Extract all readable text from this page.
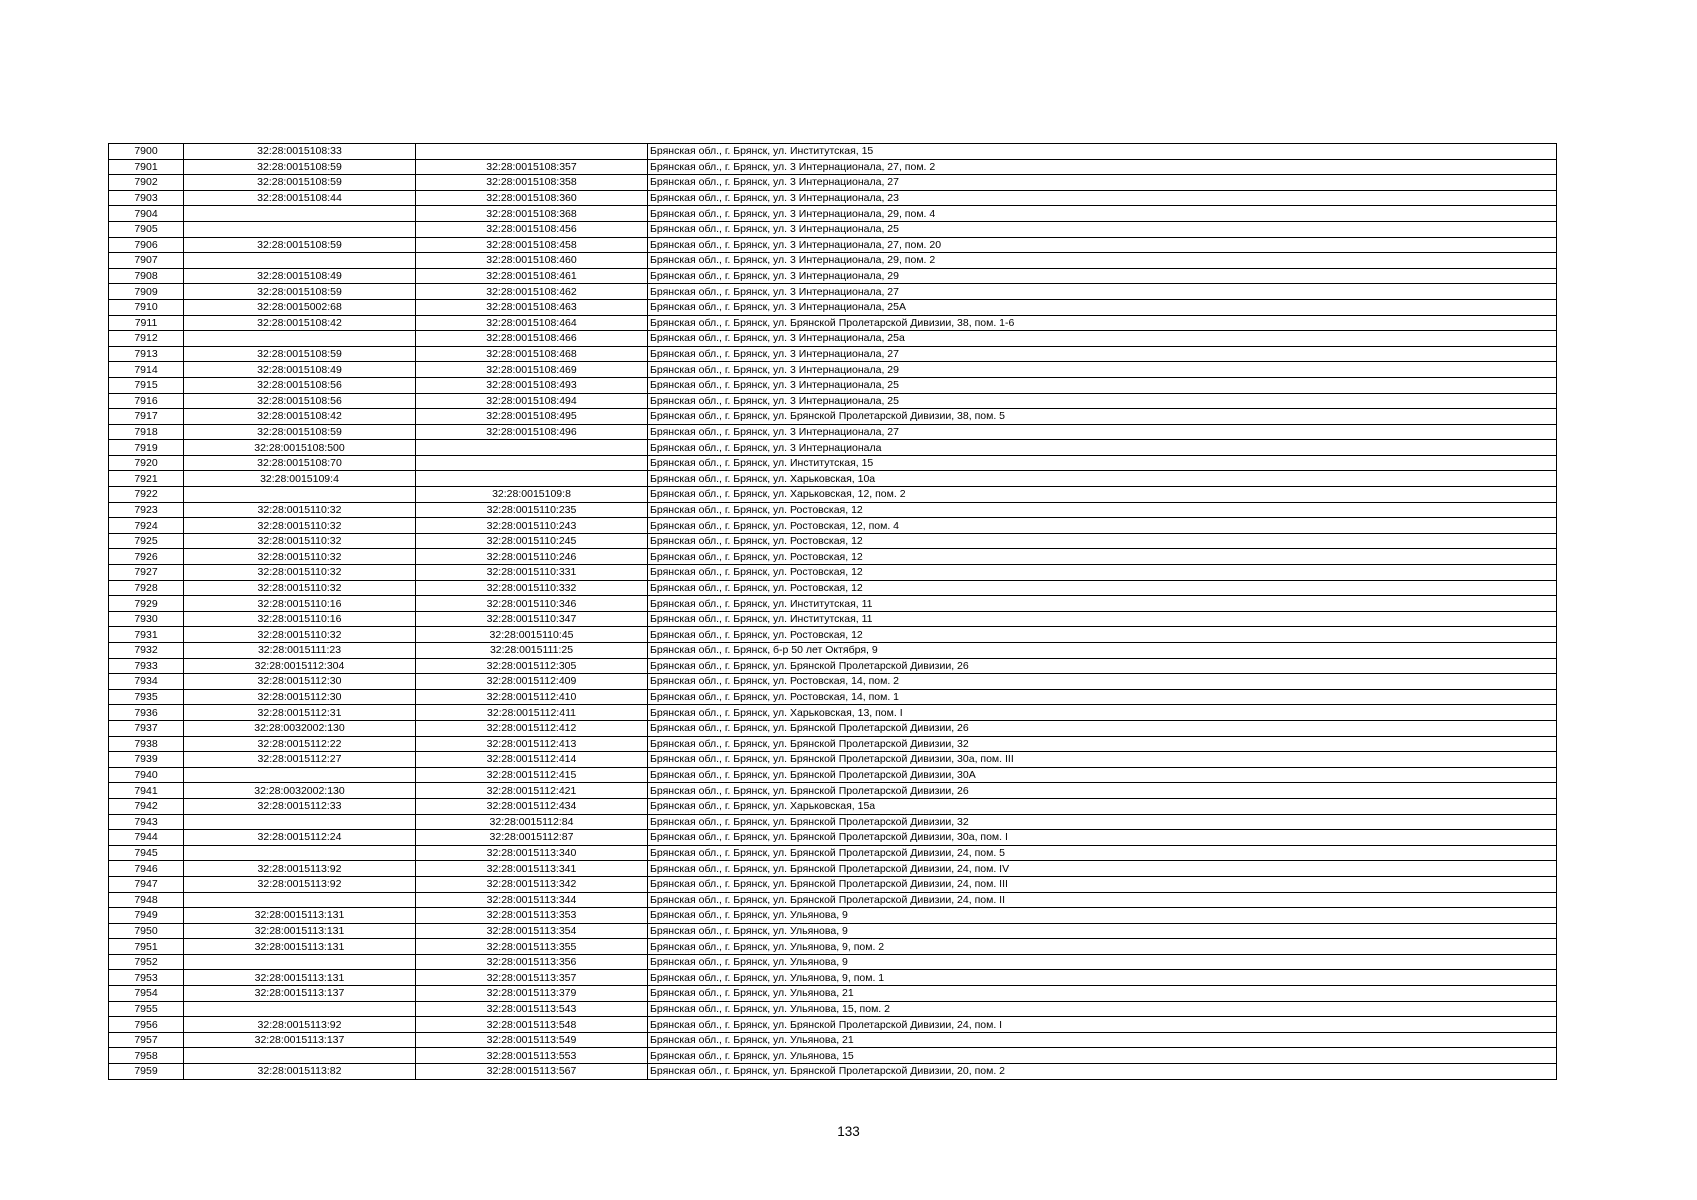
7900	32:28:0015108:33		Брянская обл., г. Брянск, ул. Институтская, 15
7901	32:28:0015108:59	32:28:0015108:357	Брянская обл., г. Брянск, ул. 3 Интернационала, 27, пом. 2
7902	32:28:0015108:59	32:28:0015108:358	Брянская обл., г. Брянск, ул. 3 Интернационала, 27
7903	32:28:0015108:44	32:28:0015108:360	Брянская обл., г. Брянск, ул. 3 Интернационала, 23
7904		32:28:0015108:368	Брянская обл., г. Брянск, ул. 3 Интернационала, 29, пом. 4
7905		32:28:0015108:456	Брянская обл., г. Брянск, ул. 3 Интернационала, 25
7906	32:28:0015108:59	32:28:0015108:458	Брянская обл., г. Брянск, ул. 3 Интернационала, 27, пом. 20
7907		32:28:0015108:460	Брянская обл., г. Брянск, ул. 3 Интернационала, 29, пом. 2
7908	32:28:0015108:49	32:28:0015108:461	Брянская обл., г. Брянск, ул. 3 Интернационала, 29
7909	32:28:0015108:59	32:28:0015108:462	Брянская обл., г. Брянск, ул. 3 Интернационала, 27
7910	32:28:0015002:68	32:28:0015108:463	Брянская обл., г. Брянск, ул. 3 Интернационала, 25А
7911	32:28:0015108:42	32:28:0015108:464	Брянская обл., г. Брянск, ул. Брянской Пролетарской Дивизии, 38, пом. 1-6
7912		32:28:0015108:466	Брянская обл., г. Брянск, ул. 3 Интернационала, 25а
7913	32:28:0015108:59	32:28:0015108:468	Брянская обл., г. Брянск, ул. 3 Интернационала, 27
7914	32:28:0015108:49	32:28:0015108:469	Брянская обл., г. Брянск, ул. 3 Интернационала, 29
7915	32:28:0015108:56	32:28:0015108:493	Брянская обл., г. Брянск, ул. 3 Интернационала, 25
7916	32:28:0015108:56	32:28:0015108:494	Брянская обл., г. Брянск, ул. 3 Интернационала, 25
7917	32:28:0015108:42	32:28:0015108:495	Брянская обл., г. Брянск, ул. Брянской Пролетарской Дивизии, 38, пом. 5
7918	32:28:0015108:59	32:28:0015108:496	Брянская обл., г. Брянск, ул. 3 Интернационала, 27
7919	32:28:0015108:500		Брянская обл., г. Брянск, ул. 3 Интернационала
7920	32:28:0015108:70		Брянская обл., г. Брянск, ул. Институтская, 15
7921	32:28:0015109:4		Брянская обл., г. Брянск, ул. Харьковская, 10а
7922		32:28:0015109:8	Брянская обл., г. Брянск, ул. Харьковская, 12, пом. 2
7923	32:28:0015110:32	32:28:0015110:235	Брянская обл., г. Брянск, ул. Ростовская, 12
7924	32:28:0015110:32	32:28:0015110:243	Брянская обл., г. Брянск, ул. Ростовская, 12, пом. 4
7925	32:28:0015110:32	32:28:0015110:245	Брянская обл., г. Брянск, ул. Ростовская, 12
7926	32:28:0015110:32	32:28:0015110:246	Брянская обл., г. Брянск, ул. Ростовская, 12
7927	32:28:0015110:32	32:28:0015110:331	Брянская обл., г. Брянск, ул. Ростовская, 12
7928	32:28:0015110:32	32:28:0015110:332	Брянская обл., г. Брянск, ул. Ростовская, 12
7929	32:28:0015110:16	32:28:0015110:346	Брянская обл., г. Брянск, ул. Институтская, 11
7930	32:28:0015110:16	32:28:0015110:347	Брянская обл., г. Брянск, ул. Институтская, 11
7931	32:28:0015110:32	32:28:0015110:45	Брянская обл., г. Брянск, ул. Ростовская, 12
7932	32:28:0015111:23	32:28:0015111:25	Брянская обл., г. Брянск, б-р 50 лет Октября, 9
7933	32:28:0015112:304	32:28:0015112:305	Брянская обл., г. Брянск, ул. Брянской Пролетарской Дивизии, 26
7934	32:28:0015112:30	32:28:0015112:409	Брянская обл., г. Брянск, ул. Ростовская, 14, пом. 2
7935	32:28:0015112:30	32:28:0015112:410	Брянская обл., г. Брянск, ул. Ростовская, 14, пом. 1
7936	32:28:0015112:31	32:28:0015112:411	Брянская обл., г. Брянск, ул. Харьковская, 13, пом. I
7937	32:28:0032002:130	32:28:0015112:412	Брянская обл., г. Брянск, ул. Брянской Пролетарской Дивизии, 26
7938	32:28:0015112:22	32:28:0015112:413	Брянская обл., г. Брянск, ул. Брянской Пролетарской Дивизии, 32
7939	32:28:0015112:27	32:28:0015112:414	Брянская обл., г. Брянск, ул. Брянской Пролетарской Дивизии, 30а, пом. III
7940		32:28:0015112:415	Брянская обл., г. Брянск, ул. Брянской Пролетарской Дивизии, 30А
7941	32:28:0032002:130	32:28:0015112:421	Брянская обл., г. Брянск, ул. Брянской Пролетарской Дивизии, 26
7942	32:28:0015112:33	32:28:0015112:434	Брянская обл., г. Брянск, ул. Харьковская, 15а
7943		32:28:0015112:84	Брянская обл., г. Брянск, ул. Брянской Пролетарской Дивизии, 32
7944	32:28:0015112:24	32:28:0015112:87	Брянская обл., г. Брянск, ул. Брянской Пролетарской Дивизии, 30а, пом. I
7945		32:28:0015113:340	Брянская обл., г. Брянск, ул. Брянской Пролетарской Дивизии, 24, пом. 5
7946	32:28:0015113:92	32:28:0015113:341	Брянская обл., г. Брянск, ул. Брянской Пролетарской Дивизии, 24, пом. IV
7947	32:28:0015113:92	32:28:0015113:342	Брянская обл., г. Брянск, ул. Брянской Пролетарской Дивизии, 24, пом. III
7948		32:28:0015113:344	Брянская обл., г. Брянск, ул. Брянской Пролетарской Дивизии, 24, пом. II
7949	32:28:0015113:131	32:28:0015113:353	Брянская обл., г. Брянск, ул. Ульянова, 9
7950	32:28:0015113:131	32:28:0015113:354	Брянская обл., г. Брянск, ул. Ульянова, 9
7951	32:28:0015113:131	32:28:0015113:355	Брянская обл., г. Брянск, ул. Ульянова, 9, пом. 2
7952		32:28:0015113:356	Брянская обл., г. Брянск, ул. Ульянова, 9
7953	32:28:0015113:131	32:28:0015113:357	Брянская обл., г. Брянск, ул. Ульянова, 9, пом. 1
7954	32:28:0015113:137	32:28:0015113:379	Брянская обл., г. Брянск, ул. Ульянова, 21
7955		32:28:0015113:543	Брянская обл., г. Брянск, ул. Ульянова, 15, пом. 2
7956	32:28:0015113:92	32:28:0015113:548	Брянская обл., г. Брянск, ул. Брянской Пролетарской Дивизии, 24, пом. I
7957	32:28:0015113:137	32:28:0015113:549	Брянская обл., г. Брянск, ул. Ульянова, 21
7958		32:28:0015113:553	Брянская обл., г. Брянск, ул. Ульянова, 15
7959	32:28:0015113:82	32:28:0015113:567	Брянская обл., г. Брянск, ул. Брянской Пролетарской Дивизии, 20, пом. 2
133
